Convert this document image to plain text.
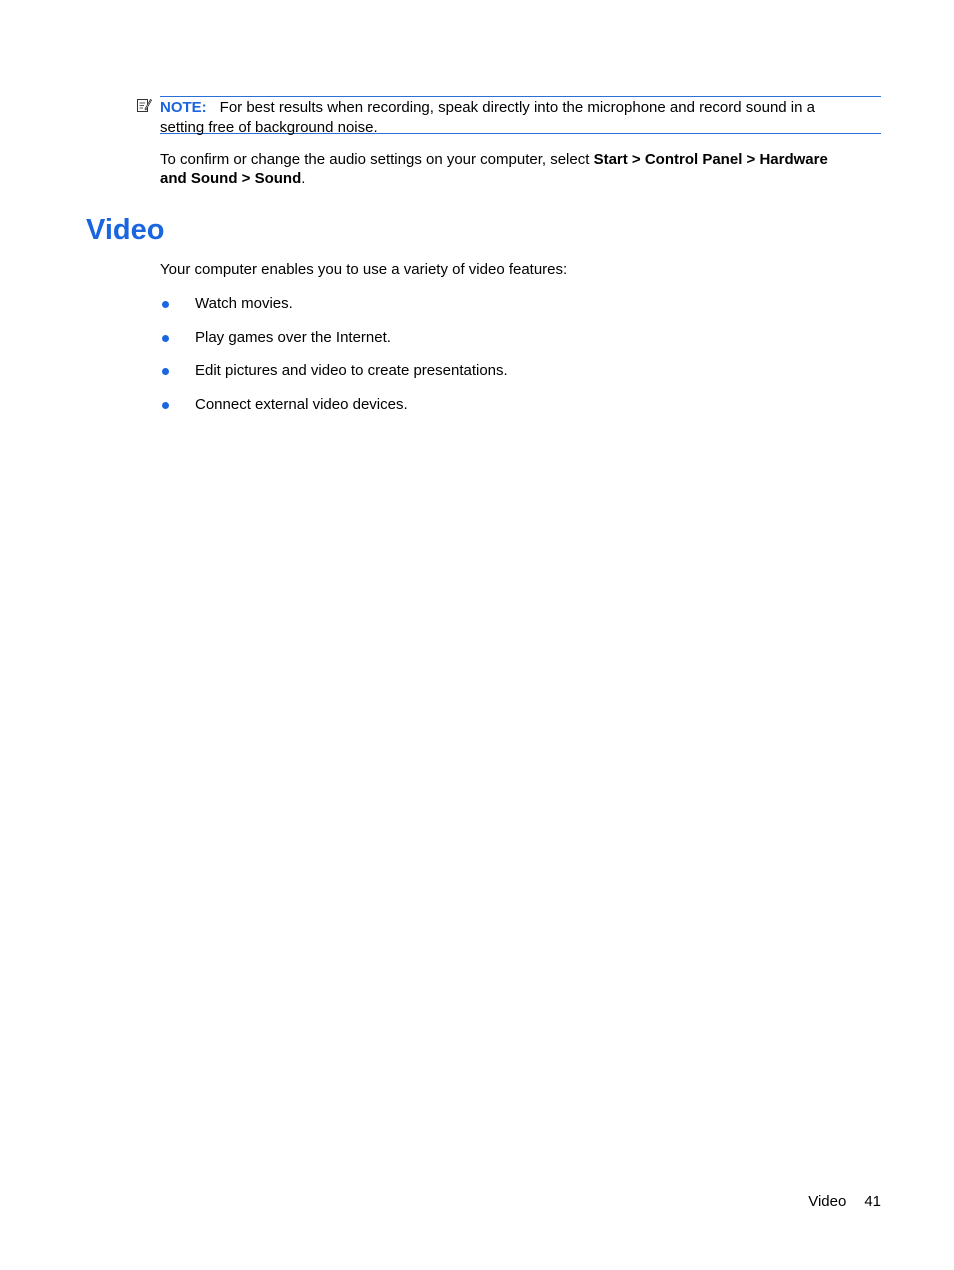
NOTE: For best results when recording, speak directly into the microphone and record sound in a
setting free of background noise.
To confirm or change the audio settings on your computer, select Start > Control Panel > Hardware
and Sound > Sound.
Video
Your computer enables you to use a variety of video features:
Watch movies.
Play games over the Internet.
Edit pictures and video to create presentations.
Connect external video devices.
Video 41
